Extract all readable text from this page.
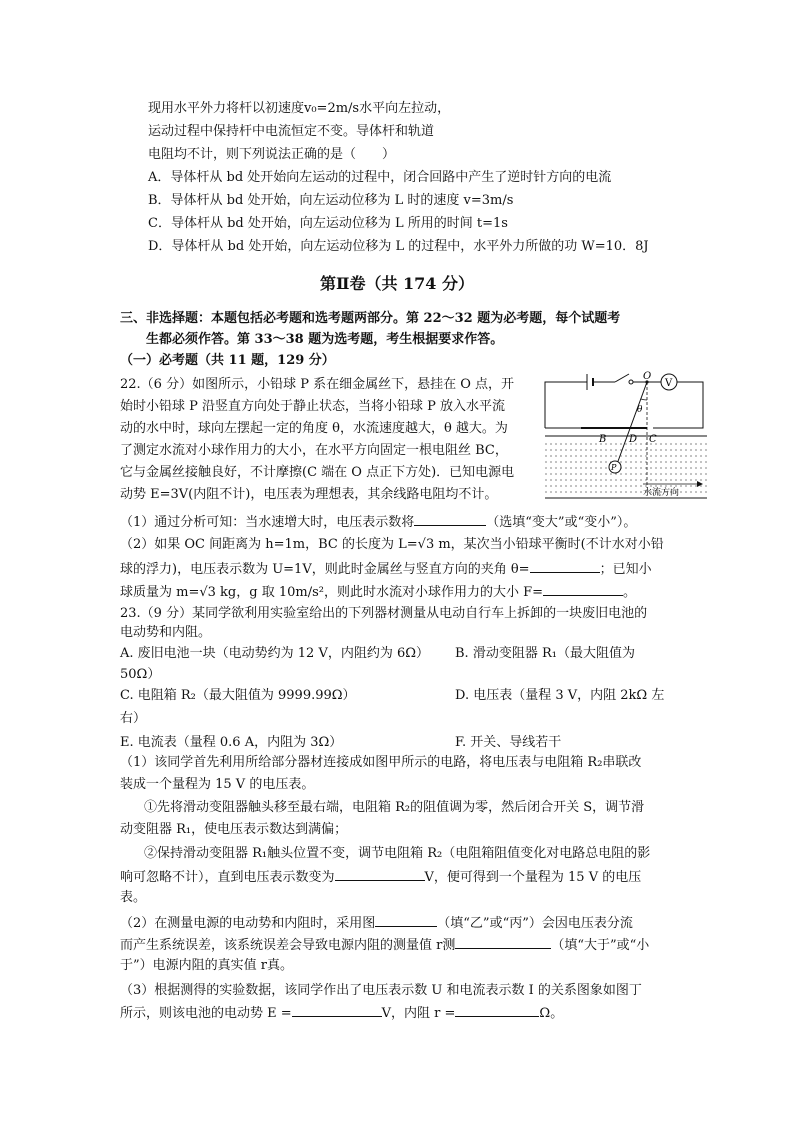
现用水平外力将杆以初速度v₀=2m/s水平向左拉动，
运动过程中保持杆中电流恒定不变。导体杆和轨道
电阻均不计，则下列说法正确的是（　　）
A．导体杆从 bd 处开始向左运动的过程中，闭合回路中产生了逆时针方向的电流
B．导体杆从 bd 处开始，向左运动位移为 L 时的速度 v=3m/s
C．导体杆从 bd 处开始，向左运动位移为 L 所用的时间 t=1s
D．导体杆从 bd 处开始，向左运动位移为 L 的过程中，水平外力所做的功 W=10．8J
第Ⅱ卷（共 174 分）
三、非选择题：本题包括必考题和选考题两部分。第 22～32 题为必考题，每个试题考
生都必须作答。第 33～38 题为选考题，考生根据要求作答。
（一）必考题（共 11 题，129 分）
22.（6 分）如图所示，小铅球 P 系在细金属丝下，悬挂在 O 点，开
始时小铅球 P 沿竖直方向处于静止状态，当将小铅球 P 放入水平流
动的水中时，球向左摆起一定的角度 θ，水流速度越大，θ 越大。为
了测定水流对小球作用力的大小，在水平方向固定一根电阻丝 BC，
它与金属丝接触良好，不计摩擦(C 端在 O 点正下方处)．已知电源电
动势 E=3V(内阻不计)，电压表为理想表，其余线路电阻均不计。
V
O
θ
B D C
P
水流方向
（1）通过分析可知：当水速增大时，电压表示数将	（选填“变大”或“变小”）。
（2）如果 OC 间距离为 h=1m，BC 的长度为 L=√3 m，某次当小铅球平衡时(不计水对小铅
球的浮力)，电压表示数为 U=1V，则此时金属丝与竖直方向的夹角 θ=	；已知小
球质量为 m=√3 kg，g 取 10m/s²，则此时水流对小球作用力的大小 F=	。
23.（9 分）某同学欲利用实验室给出的下列器材测量从电动自行车上拆卸的一块废旧电池的
电动势和内阻。
A. 废旧电池一块（电动势约为 12 V，内阻约为 6Ω） B. 滑动变阻器 R₁（最大阻值为
50Ω）
C. 电阻箱 R₂（最大阻值为 9999.99Ω）	D. 电压表（量程 3 V，内阻 2kΩ 左
右）
E. 电流表（量程 0.6 A，内阻为 3Ω）	F. 开关、导线若干
（1）该同学首先利用所给部分器材连接成如图甲所示的电路，将电压表与电阻箱 R₂串联改
装成一个量程为 15 V 的电压表。
①先将滑动变阻器触头移至最右端，电阻箱 R₂的阻值调为零，然后闭合开关 S，调节滑
动变阻器 R₁，使电压表示数达到满偏；
②保持滑动变阻器 R₁触头位置不变，调节电阻箱 R₂（电阻箱阻值变化对电路总电阻的影
响可忽略不计），直到电压表示数变为	V，便可得到一个量程为 15 V 的电压
表。
（2）在测量电源的电动势和内阻时，采用图	（填“乙”或“丙”）会因电压表分流
而产生系统误差，该系统误差会导致电源内阻的测量值 r测	（填“大于”或“小
于”）电源内阻的真实值 r真。
（3）根据测得的实验数据，该同学作出了电压表示数 U 和电流表示数 I 的关系图象如图丁
所示，则该电池的电动势 E =	V，内阻 r =	Ω。
